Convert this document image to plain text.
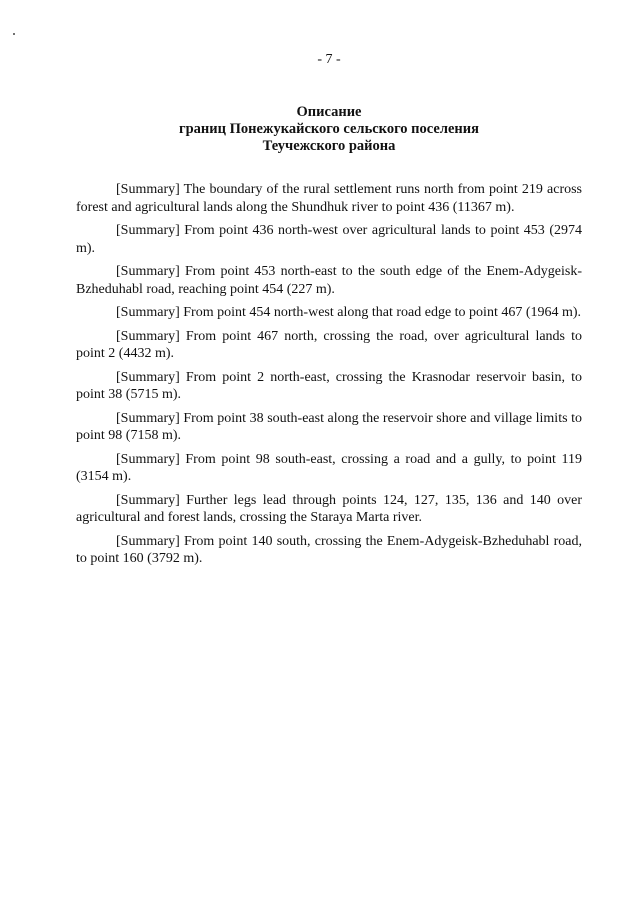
- 7 -
Описание
границ Понежукайского сельского поселения
Теучежского района

[Summary] The boundary of the rural settlement runs north from point 219 across forest and agricultural lands along the Shundhuk river to point 436 (11367 m).

[Summary] From point 436 north-west over agricultural lands to point 453 (2974 m).

[Summary] From point 453 north-east to the south edge of the Enem-Adygeisk-Bzheduhabl road, reaching point 454 (227 m).

[Summary] From point 454 north-west along that road edge to point 467 (1964 m).

[Summary] From point 467 north, crossing the road, over agricultural lands to point 2 (4432 m).

[Summary] From point 2 north-east, crossing the Krasnodar reservoir basin, to point 38 (5715 m).

[Summary] From point 38 south-east along the reservoir shore and village limits to point 98 (7158 m).

[Summary] From point 98 south-east, crossing a road and a gully, to point 119 (3154 m).

[Summary] Further legs lead through points 124, 127, 135, 136 and 140 over agricultural and forest lands, crossing the Staraya Marta river.

[Summary] From point 140 south, crossing the Enem-Adygeisk-Bzheduhabl road, to point 160 (3792 m).
